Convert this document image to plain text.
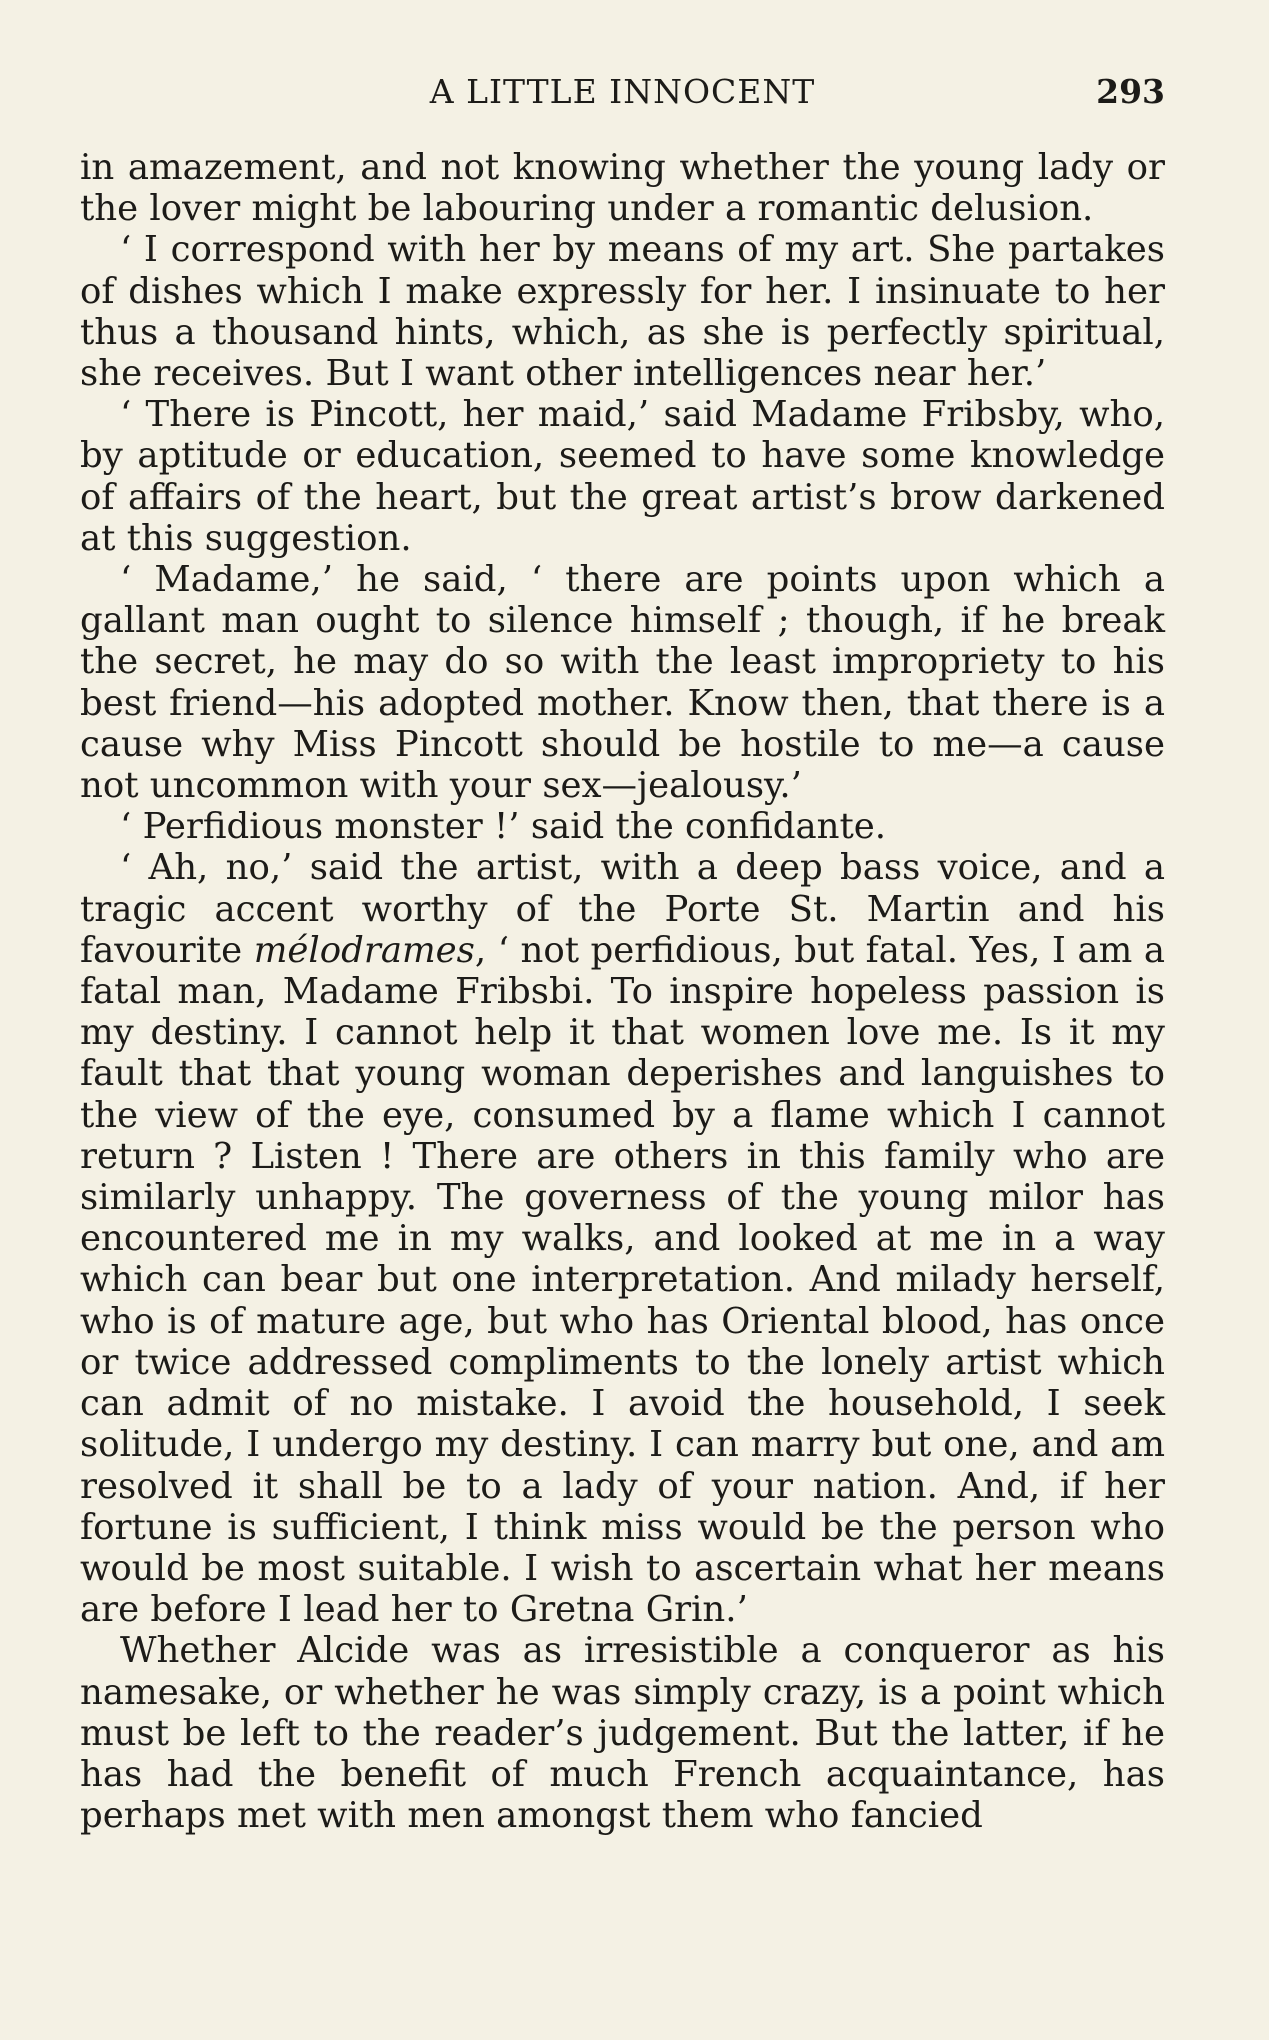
A LITTLE INNOCENT	293

in amazement, and not knowing whether the young lady or the lover might be labouring under a romantic delusion.

‘ I correspond with her by means of my art. She partakes of dishes which I make expressly for her. I insinuate to her thus a thousand hints, which, as she is perfectly spiritual, she receives. But I want other intelligences near her.’

‘ There is Pincott, her maid,’ said Madame Fribsby, who, by aptitude or education, seemed to have some knowledge of affairs of the heart, but the great artist’s brow darkened at this suggestion.

‘ Madame,’ he said, ‘ there are points upon which a gallant man ought to silence himself ; though, if he break the secret, he may do so with the least impropriety to his best friend—his adopted mother. Know then, that there is a cause why Miss Pincott should be hostile to me—a cause not uncommon with your sex—jealousy.’

‘ Perfidious monster !’ said the confidante.

‘ Ah, no,’ said the artist, with a deep bass voice, and a tragic accent worthy of the Porte St. Martin and his favourite mélodrames, ‘ not perfidious, but fatal. Yes, I am a fatal man, Madame Fribsbi. To inspire hopeless passion is my destiny. I cannot help it that women love me. Is it my fault that that young woman deperishes and languishes to the view of the eye, consumed by a flame which I cannot return ? Listen ! There are others in this family who are similarly unhappy. The governess of the young milor has encountered me in my walks, and looked at me in a way which can bear but one interpretation. And milady herself, who is of mature age, but who has Oriental blood, has once or twice addressed compliments to the lonely artist which can admit of no mistake. I avoid the household, I seek solitude, I undergo my destiny. I can marry but one, and am resolved it shall be to a lady of your nation. And, if her fortune is sufficient, I think miss would be the person who would be most suitable. I wish to ascertain what her means are before I lead her to Gretna Grin.’

Whether Alcide was as irresistible a conqueror as his namesake, or whether he was simply crazy, is a point which must be left to the reader’s judgement. But the latter, if he has had the benefit of much French acquaintance, has perhaps met with men amongst them who fancied
